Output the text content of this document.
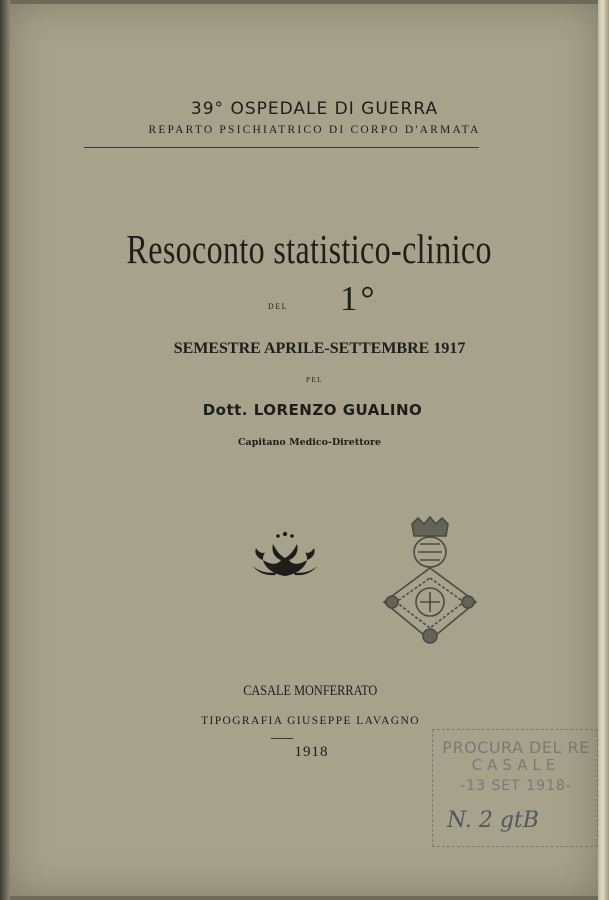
39° OSPEDALE DI GUERRA
REPARTO PSICHIATRICO DI CORPO D'ARMATA
Resoconto statistico-clinico
DEL 1°
SEMESTRE APRILE-SETTEMBRE 1917
PEL
Dott. LORENZO GUALINO
Capitano Medico-Direttore
CASALE MONFERRATO
TIPOGRAFIA GIUSEPPE LAVAGNO
1918	PROCURA DEL RE
CASALE
-13 SET 1918-
N. 2 gtB
